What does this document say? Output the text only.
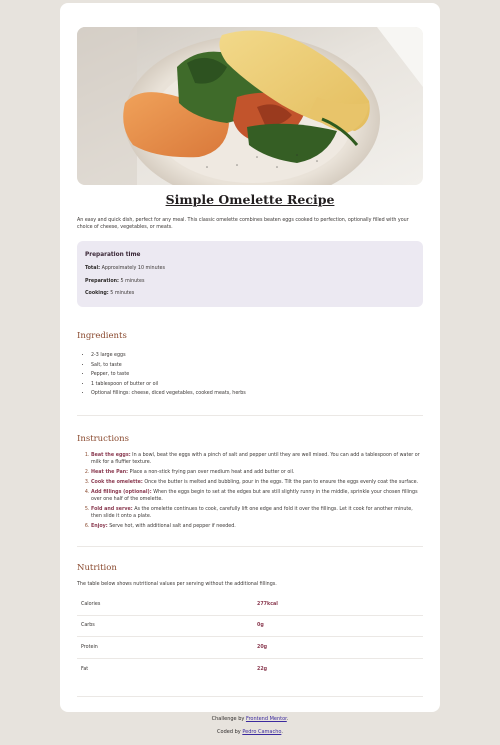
Simple Omelette Recipe

An easy and quick dish, perfect for any meal. This classic omelette combines beaten eggs cooked to perfection, optionally filled with your choice of cheese, vegetables, or meats.

Preparation time
Total: Approximately 10 minutes
Preparation: 5 minutes
Cooking: 5 minutes
Ingredients
• 2-3 large eggs
• Salt, to taste
• Pepper, to taste
• 1 tablespoon of butter or oil
• Optional fillings: cheese, diced vegetables, cooked meats, herbs
Instructions
1. Beat the eggs: In a bowl, beat the eggs with a pinch of salt and pepper until they are well mixed. You can add a tablespoon of water or milk for a fluffier texture.
2. Heat the Pan: Place a non-stick frying pan over medium heat and add butter or oil.
3. Cook the omelette: Once the butter is melted and bubbling, pour in the eggs. Tilt the pan to ensure the eggs evenly coat the surface.
4. Add fillings (optional): When the eggs begin to set at the edges but are still slightly runny in the middle, sprinkle your chosen fillings over one half of the omelette.
5. Fold and serve: As the omelette continues to cook, carefully lift one edge and fold it over the fillings. Let it cook for another minute, then slide it onto a plate.
6. Enjoy: Serve hot, with additional salt and pepper if needed.
Nutrition

The table below shows nutritional values per serving without the additional fillings.

Calories	277kcal
Carbs	0g
Protein	20g
Fat	22g
Challenge by Frontend Mentor.
Coded by Pedro Camacho.
